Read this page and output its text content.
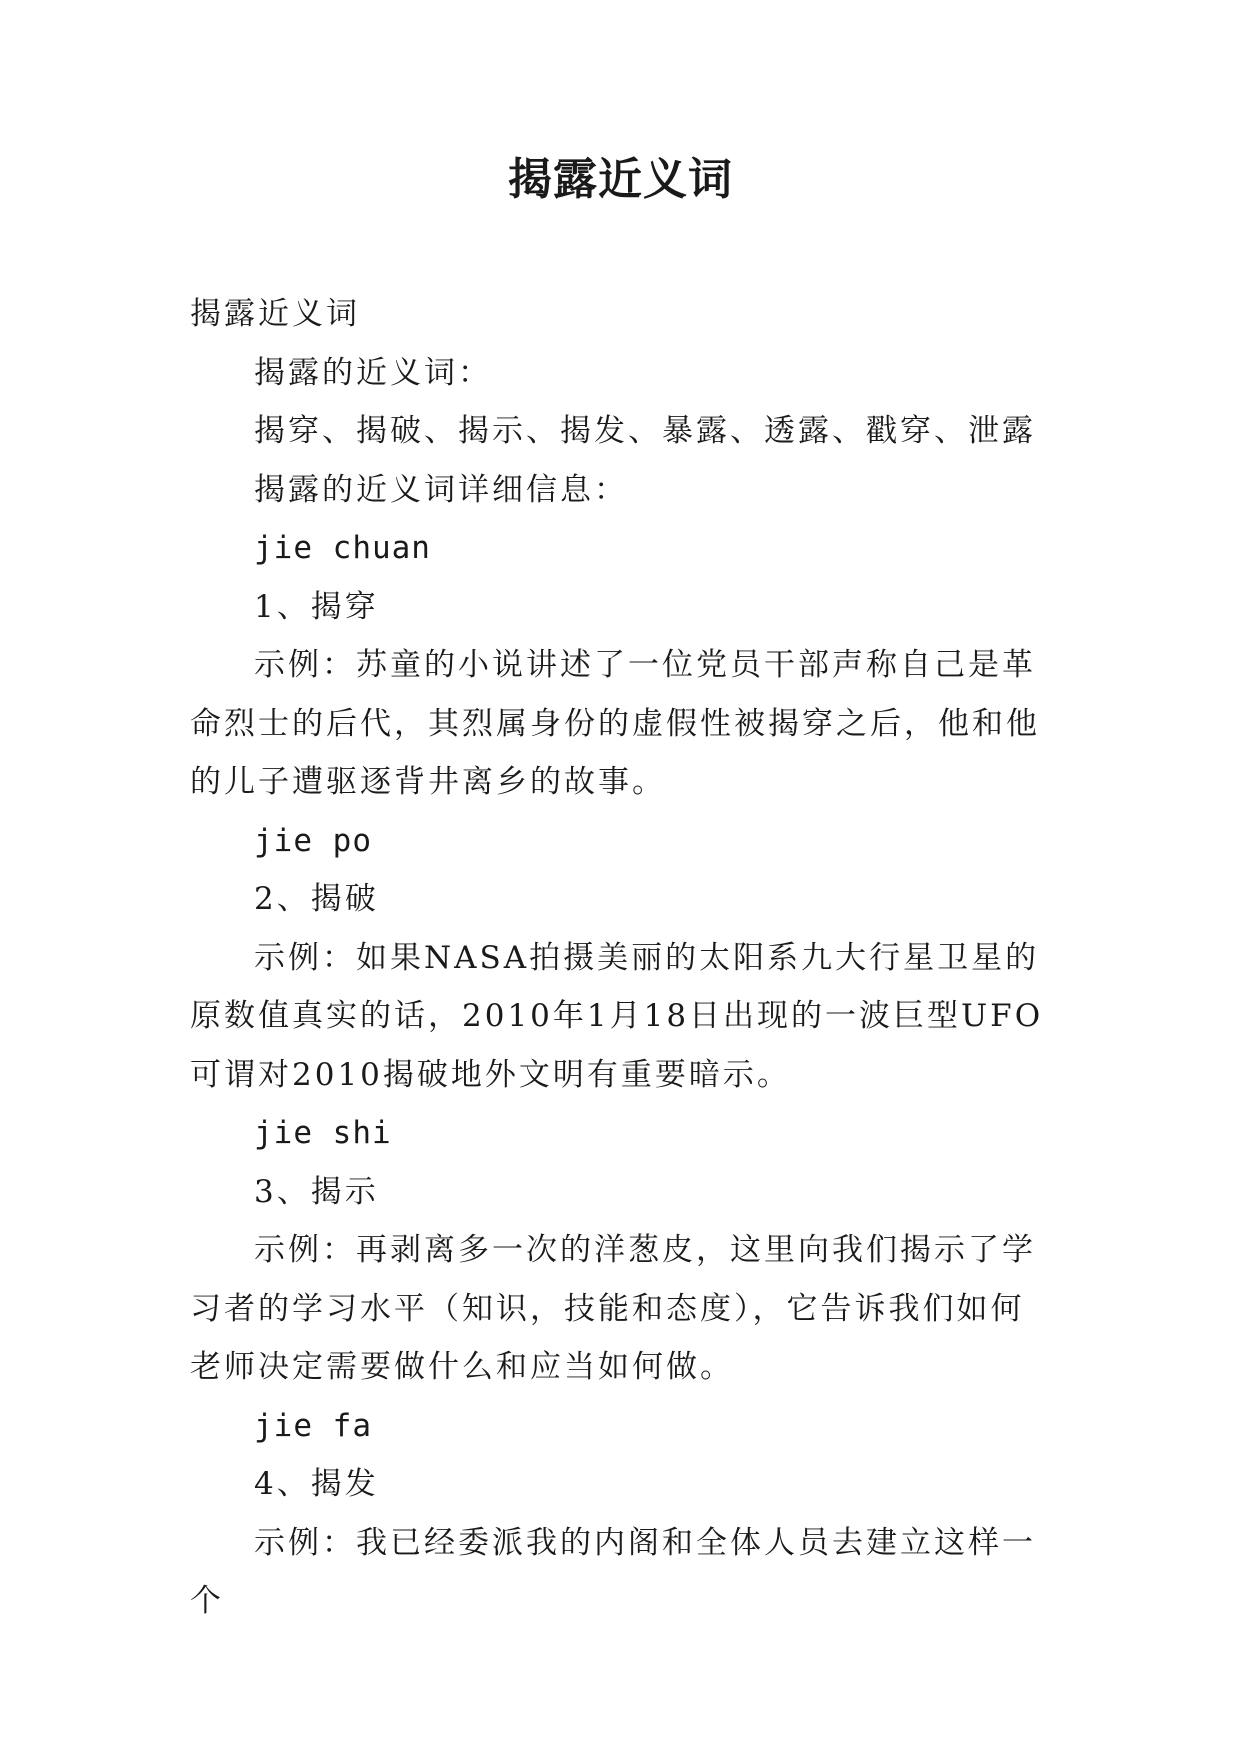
揭露近义词

揭露近义词

揭露的近义词：

揭穿、揭破、揭示、揭发、暴露、透露、戳穿、泄露

揭露的近义词详细信息：

jie chuan

1、揭穿

示例：苏童的小说讲述了一位党员干部声称自己是革命烈士的后代，其烈属身份的虚假性被揭穿之后，他和他的儿子遭驱逐背井离乡的故事。

jie po

2、揭破

示例：如果NASA拍摄美丽的太阳系九大行星卫星的原数值真实的话，2010年1月18日出现的一波巨型UFO可谓对2010揭破地外文明有重要暗示。

jie shi

3、揭示

示例：再剥离多一次的洋葱皮，这里向我们揭示了学习者的学习水平（知识，技能和态度），它告诉我们如何老师决定需要做什么和应当如何做。

jie fa

4、揭发

示例：我已经委派我的内阁和全体人员去建立这样一个
